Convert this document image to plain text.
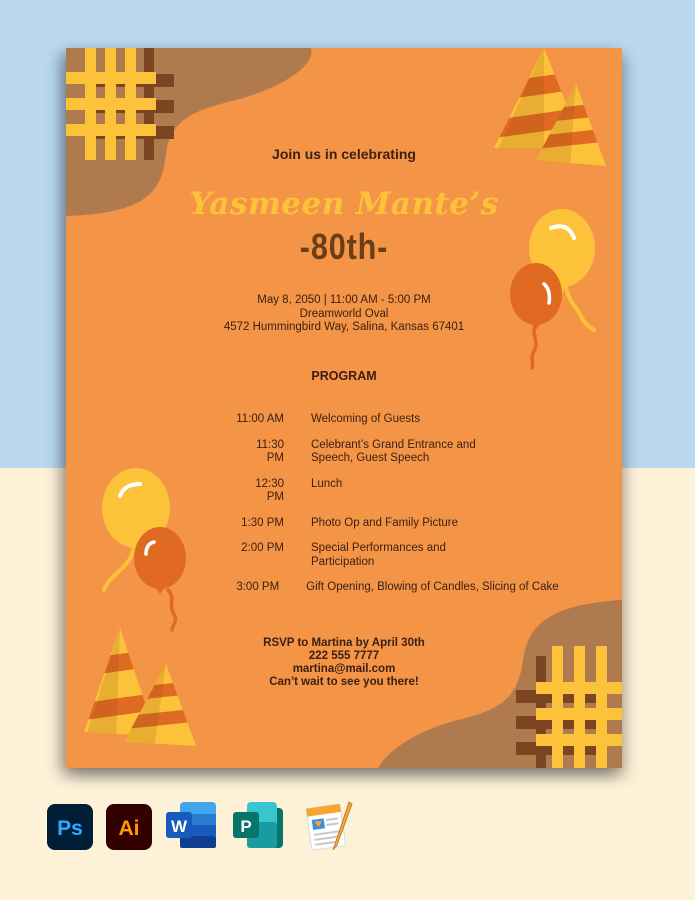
Join us in celebrating
Yasmeen Mante’s
-80th-
May 8, 2050 | 11:00 AM - 5:00 PM
Dreamworld Oval
4572 Hummingbird Way, Salina, Kansas 67401
PROGRAM
11:00 AM Welcoming of Guests
11:30 PM
Celebrant’s Grand Entrance and
Speech, Guest Speech
12:30 PM
Lunch
1:30 PM Photo Op and Family Picture
2:00 PM Special Performances and
Participation
3:00 PM Gift Opening, Blowing of Candles, Slicing of Cake
RSVP to Martina by April 30th
222 555 7777
martina@mail.com
Can’t wait to see you there!
Ps Ai W	P
